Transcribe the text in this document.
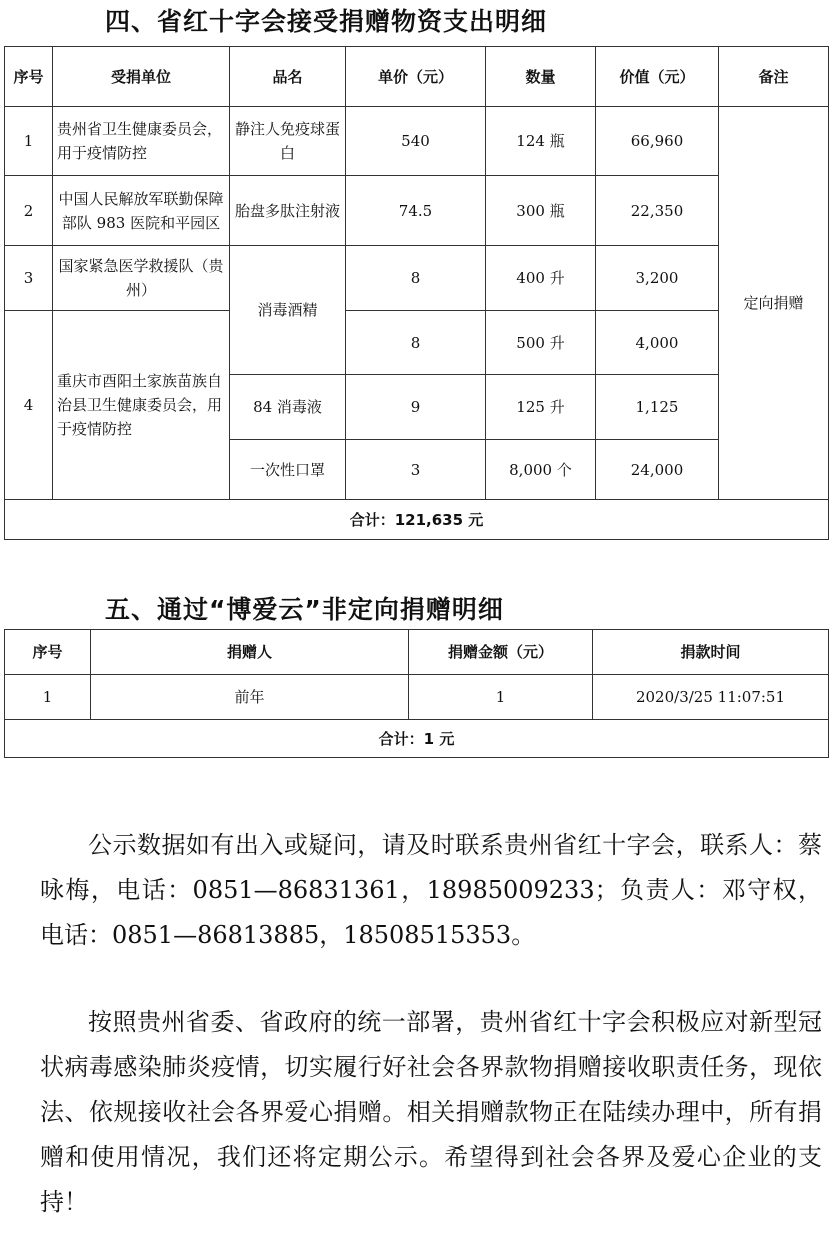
四、省红十字会接受捐赠物资支出明细
序号	受捐单位	品名	单价（元）	数量	价值（元）	备注
1	贵州省卫生健康委员会，用于疫情防控	静注人免疫球蛋白	540	124 瓶	66,960	定向捐赠
2	中国人民解放军联勤保障部队 983 医院和平园区	胎盘多肽注射液	74.5	300 瓶	22,350	
3	国家紧急医学救援队（贵州）	消毒酒精	8	400 升	3,200	
4	重庆市酉阳土家族苗族自治县卫生健康委员会，用于疫情防控		8	500 升	4,000	
		84 消毒液	9	125 升	1,125	
		一次性口罩	3	8,000 个	24,000	
合计：121,635 元						
五、通过“博爱云”非定向捐赠明细
序号	捐赠人	捐赠金额（元）	捐款时间
1	前年	1	2020/3/25 11:07:51
合计：1 元			

公示数据如有出入或疑问，请及时联系贵州省红十字会，联系人：蔡咏梅，电话：0851—86831361，18985009233；负责人：邓守权，电话：0851—86813885，18508515353。

按照贵州省委、省政府的统一部署，贵州省红十字会积极应对新型冠状病毒感染肺炎疫情，切实履行好社会各界款物捐赠接收职责任务，现依法、依规接收社会各界爱心捐赠。相关捐赠款物正在陆续办理中，所有捐赠和使用情况，我们还将定期公示。希望得到社会各界及爱心企业的支持！
